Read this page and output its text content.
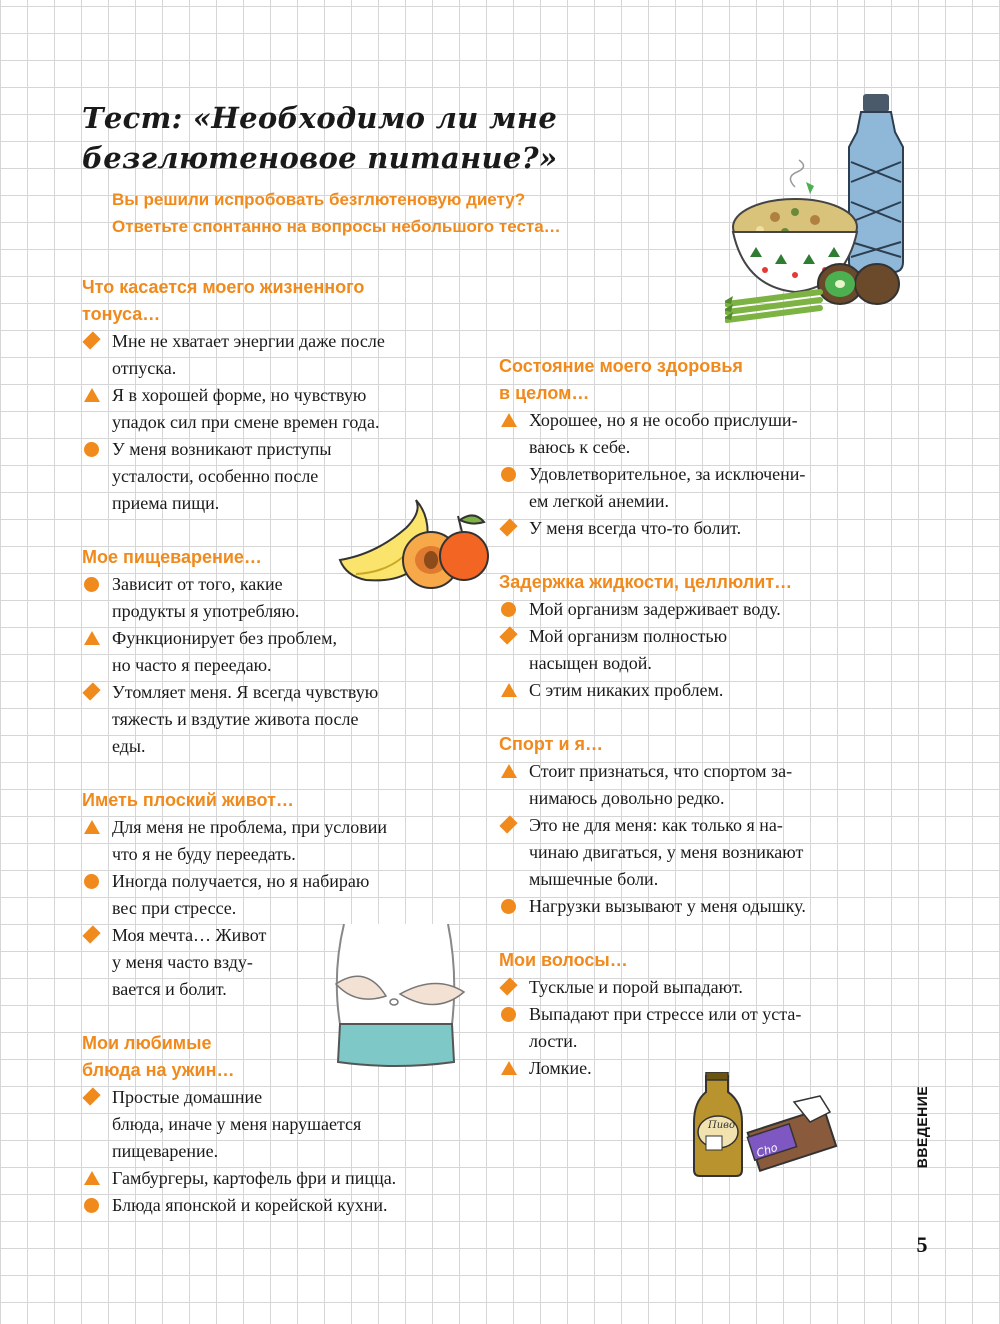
Тест: «Необходимо ли мне безглютеновое питание?»
Вы решили испробовать безглютеновую диету?
Ответьте спонтанно на вопросы небольшого теста…
Что касается моего жизненного
тонуса…
Мне не хватает энергии даже после
отпуска.
Я в хорошей форме, но чувствую
упадок сил при смене времен года.
У меня возникают приступы
усталости, особенно после
приема пищи.
Мое пищеварение…
Зависит от того, какие
продукты я употребляю.
Функционирует без проблем,
но часто я переедаю.
Утомляет меня. Я всегда чувствую
тяжесть и вздутие живота после
еды.
Иметь плоский живот…
Для меня не проблема, при условии
что я не буду переедать.
Иногда получается, но я набираю
вес при стрессе.
Моя мечта… Живот
у меня часто взду-
вается и болит.
Мои любимые
блюда на ужин…
Простые домашние
блюда, иначе у меня нарушается
пищеварение.
Гамбургеры, картофель фри и пицца.
Блюда японской и корейской кухни.
Состояние моего здоровья
в целом…
Хорошее, но я не особо прислуши-
ваюсь к себе.
Удовлетворительное, за исключени-
ем легкой анемии.
У меня всегда что-то болит.
Задержка жидкости, целлюлит…
Мой организм задерживает воду.
Мой организм полностью
насыщен водой.
С этим никаких проблем.
Спорт и я…
Стоит признаться, что спортом за-
нимаюсь довольно редко.
Это не для меня: как только я на-
чинаю двигаться, у меня возникают
мышечные боли.
Нагрузки вызывают у меня одышку.
Мои волосы…
Тусклые и порой выпадают.
Выпадают при стрессе или от уста-
лости.
Ломкие.
Пиво
Cho	ВВЕДЕНИЕ
5
